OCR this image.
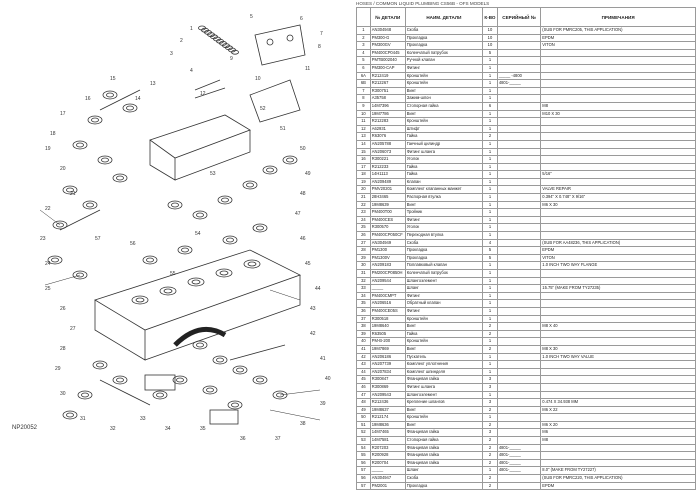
1
2
3
4
5	6
7
8
9
10
11
12
13
14
15
16
17
18
19
20
21
22
23
24
25
26
27
28
29
30
31
32
33
34	35
36	37
38
39
40
41
42
43
44
45
46
47
48
49
50
51
52
53
54
55
56
57
NP20052
HOSES / COMMON LIQUID PLUMBING CS56B - OFS MODELS
	№ ДЕТАЛИ	НАИМ. ДЕТАЛИ	К-ВО	СЕРИЙНЫЙ №	ПРИМЕЧАНИЯ
1	AN304948	Скоба	10		(SUB FOR PMRC205, THIS APPLICATION)
2	PM300-G	Прокладка	10		EPDM
3	PM300GV	Прокладка	10		VITON
4	PM400CP0445	Коленчатый патрубок	5		
5	PMTB002040	Ручной клапан	1		
6	PM300-CAP	Фитинг	1		
6A	R212419	Кронштейн	1	_____ -4800	
6B	R212267	Кронштейн	1	4801-_____	
7	R300751	Винт	1		
8	A35758	Зажим-шпон	1		
9	14M7396	Стопорная гайка	6		M8
10	19M7786	Винт	1		M10 X 30
11	R212283	Кронштейн	1		
12	A62931	Штифт	1		
13	R63076	Гайка	2		
14	AN205788	Гаечный цилиндр	1		
15	AN206073	Фитинг шланга	1		
16	R300221	Уголок	1		
17	R212233	Гайка	1		
18	14H1113	Гайка	1		5/16"
19	AN209489	Клапан	1		
20	PMV20201	Комплект клапанных манжет	1		VALVE REPAIR
21	28H3465	Распорная втулка	1		0.394" X 0.748" X 9/16"
22	19M8639	Винт	1		M6 X 30
23	PM400T00	Тройник	1		
24	PM400CES	Фитинг	1		
25	R300570	Уголок	1		
26	PM400CP050CF	Переходная втулка	1		
27	AN304949	Скоба	4		(SUB FOR AA48236, THIS APPLICATION)
28	PM1300	Прокладка	5		EPDM
29	PM1300V	Прокладка	5		VITON
30	AN209183	Поплавковый клапан	1		1.0 INCH TWO WAY FLANGE
31	PM200CP0850H	Коленчатый патрубок	1		
32	AN209544	Шлангоэлемент	1		
33	_____	Шланг	1		15.75" (MAKE FROM TY27235)
34	PM400CMPT	Фитинг	1		
35	AN206516	Обратный клапан	1		
36	PM400CE05S	Фитинг	1		
37	R300518	Кронштейн	1		
38	19M8640	Винт	2		M8 X 40
39	R63505	Гайка	2		
40	PM-B-200	Кронштейн	1		
41	19M7869	Винт	2		M8 X 30
42	AN206186	Пускатель	1		1.0 INCH TWO WAY VALUE
43	AN207739	Комплект уплотнения	1		
44	AN207834	Комплект шпинделя	1		
45	R300847	Фланцевая гайка	3		
46	R300869	Фитинг шланга	3		
47	AN209543	Шлангоэлемент	1		
48	R212436	Крепление шлангов	3		0.474 X 34.938 MM
49	19M8637	Винт	2		M6 X 22
50	R212174	Кронштейн	1		
51	19M8636	Винт	2		M6 X 20
52	14M7465	Фланцевая гайка	3		M6
53	14M7581	Стопорная гайка	2		M8
54	R207203	Фланцевая гайка	2	4801-_____	
55	R200928	Фланцевая гайка	2	4801-_____	
56	R200704	Фланцевая гайка	2	4801-_____	
57	_____	Шланг	1	4801-_____	8.0" (MAKE FROM TY27227)
56	AN304947	Скоба	2		(SUB FOR PMRC220, THIS APPLICATION)
57	PM2001	Прокладка	2		EPDM
